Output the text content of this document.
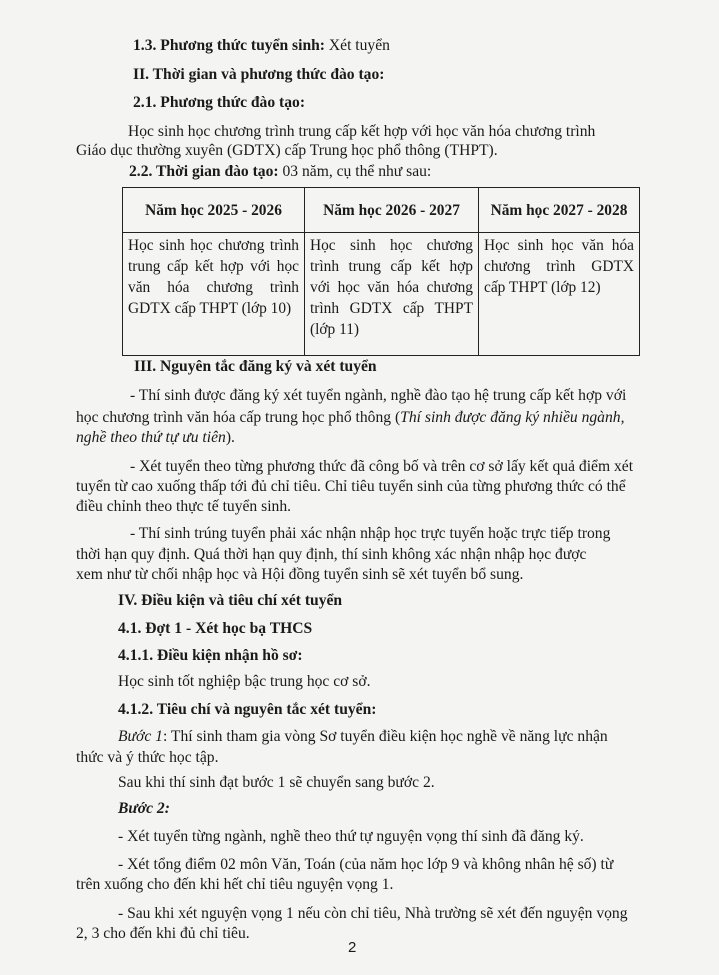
1.3. Phương thức tuyển sinh: Xét tuyển
II. Thời gian và phương thức đào tạo:
2.1. Phương thức đào tạo:
Học sinh học chương trình trung cấp kết hợp với học văn hóa chương trình
Giáo dục thường xuyên (GDTX) cấp Trung học phổ thông (THPT).
2.2. Thời gian đào tạo: 03 năm, cụ thể như sau:
Năm học 2025 - 2026	Năm học 2026 - 2027	Năm học 2027 - 2028
Học sinh học chương trình trung cấp kết hợp với học văn hóa chương trình GDTX cấp THPT (lớp 10)	Học sinh học chương trình trung cấp kết hợp với học văn hóa chương trình GDTX cấp THPT (lớp 11)	Học sinh học văn hóa chương trình GDTX cấp THPT (lớp 12)
III. Nguyên tắc đăng ký và xét tuyển
- Thí sinh được đăng ký xét tuyển ngành, nghề đào tạo hệ trung cấp kết hợp với
học chương trình văn hóa cấp trung học phổ thông (Thí sinh được đăng ký nhiều ngành,
nghề theo thứ tự ưu tiên).
- Xét tuyển theo từng phương thức đã công bố và trên cơ sở lấy kết quả điểm xét
tuyển từ cao xuống thấp tới đủ chỉ tiêu. Chỉ tiêu tuyển sinh của từng phương thức có thể
điều chỉnh theo thực tế tuyển sinh.
- Thí sinh trúng tuyển phải xác nhận nhập học trực tuyến hoặc trực tiếp trong
thời hạn quy định. Quá thời hạn quy định, thí sinh không xác nhận nhập học được
xem như từ chối nhập học và Hội đồng tuyển sinh sẽ xét tuyển bổ sung.
IV. Điều kiện và tiêu chí xét tuyển
4.1. Đợt 1 - Xét học bạ THCS
4.1.1. Điều kiện nhận hồ sơ:
Học sinh tốt nghiệp bậc trung học cơ sở.
4.1.2. Tiêu chí và nguyên tắc xét tuyển:
Bước 1: Thí sinh tham gia vòng Sơ tuyển điều kiện học nghề về năng lực nhận
thức và ý thức học tập.
Sau khi thí sinh đạt bước 1 sẽ chuyển sang bước 2.
Bước 2:
- Xét tuyển từng ngành, nghề theo thứ tự nguyện vọng thí sinh đã đăng ký.
- Xét tổng điểm 02 môn Văn, Toán (của năm học lớp 9 và không nhân hệ số) từ
trên xuống cho đến khi hết chỉ tiêu nguyện vọng 1.
- Sau khi xét nguyện vọng 1 nếu còn chỉ tiêu, Nhà trường sẽ xét đến nguyện vọng
2, 3 cho đến khi đủ chỉ tiêu.
2
